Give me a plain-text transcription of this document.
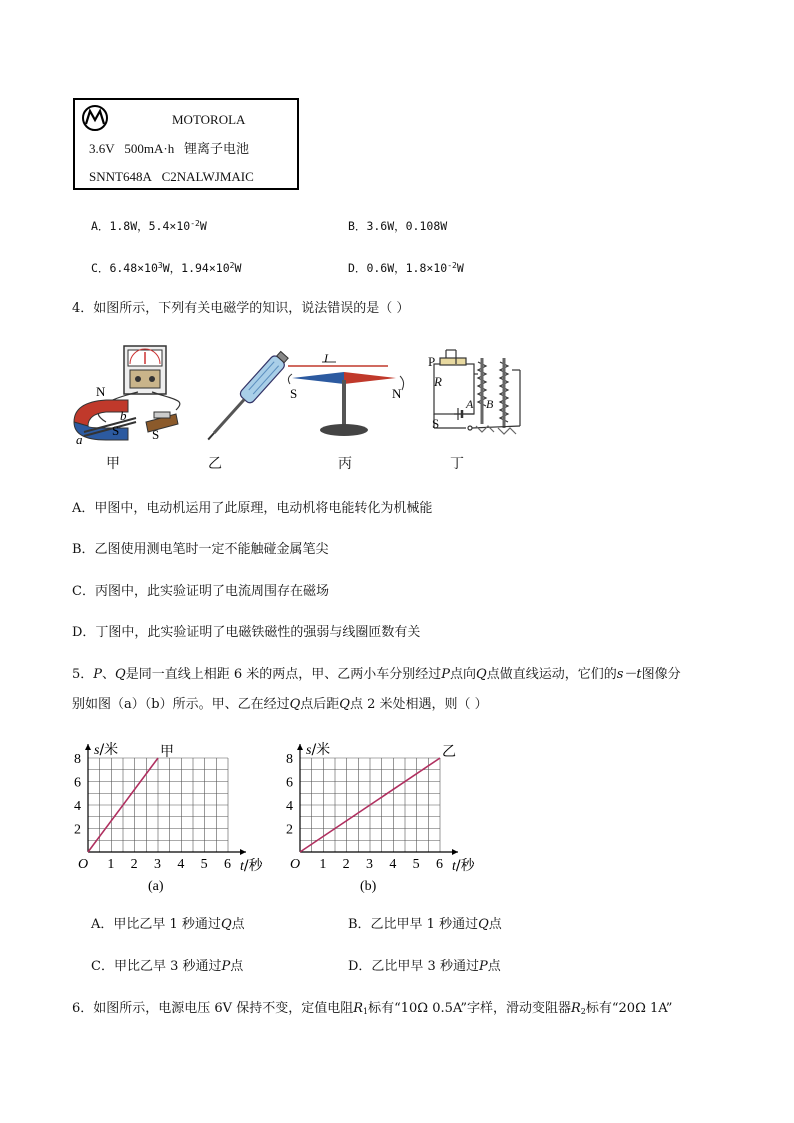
MOTOROLA
3.6V 500mA·h 锂离子电池
SNNT648A C2NALWJMAIC
A．1.8W，$5.4\times 10^{-2}W$	B．3.6W，0.108W
C．$6.48\times 10^3W$，$1.94\times 10^2W$	D．0.6W，$1.8\times 10^{-2}W$
4．如图所示，下列有关电磁学的知识，说法错误的是（ ）
N
S	S
a
b
I
S	N
P
R
A B
S
甲	乙	丙	丁
A．甲图中，电动机运用了此原理，电动机将电能转化为机械能
B．乙图使用测电笔时一定不能触碰金属笔尖
C．丙图中，此实验证明了电流周围存在磁场
D．丁图中，此实验证明了电磁铁磁性的强弱与线圈匝数有关
5．P、Q是同一直线上相距 6 米的两点，甲、乙两小车分别经过P点向Q点做直线运动，它们的s－t图像分
别如图（a）（b）所示。甲、乙在经过Q点后距Q点 2 米处相遇，则（ ）
O 1 2 3 4 5 6
2
4
6
8
s/米
t/秒
甲
(a)
O 1 2 3 4 5 6
2
4
6
8
s/米
t/秒
乙
(b)
A．甲比乙早 1 秒通过Q点	B．乙比甲早 1 秒通过Q点
C．甲比乙早 3 秒通过P点	D．乙比甲早 3 秒通过P点
6．如图所示，电源电压 6V 保持不变，定值电阻$R_1$标有“10Ω 0.5A”字样，滑动变阻器$R_2$标有“20Ω 1A”
